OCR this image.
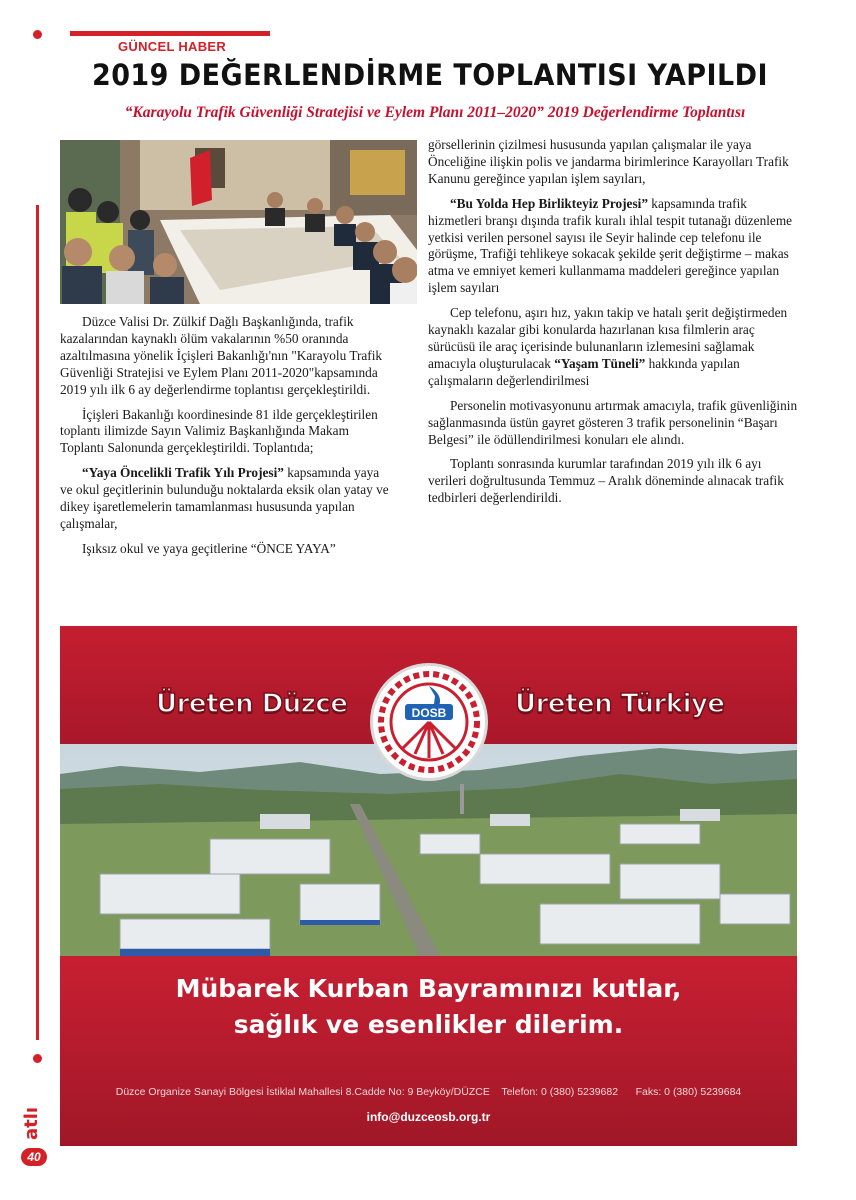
GÜNCEL HABER
2019 DEĞERLENDİRME TOPLANTISI YAPILDI
“Karayolu Trafik Güvenliği Stratejisi ve Eylem Planı 2011–2020” 2019 Değerlendirme Toplantısı

Düzce Valisi Dr. Zülkif Dağlı Başkanlığında, trafik kazalarından kaynaklı ölüm vakalarının %50 oranında azaltılmasına yönelik İçişleri Bakanlığı'nın "Karayolu Trafik Güvenliği Stratejisi ve Eylem Planı 2011-2020"kapsamında 2019 yılı ilk 6 ay değerlendirme toplantısı gerçekleştirildi.

İçişleri Bakanlığı koordinesinde 81 ilde gerçekleştirilen toplantı ilimizde Sayın Valimiz Başkanlığında Makam Toplantı Salonunda gerçekleştirildi. Toplantıda;

“Yaya Öncelikli Trafik Yılı Projesi” kapsamında yaya ve okul geçitlerinin bulunduğu noktalarda eksik olan yatay ve dikey işaretlemelerin tamamlanması hususunda yapılan çalışmalar,

Işıksız okul ve yaya geçitlerine “ÖNCE YAYA”

görsellerinin çizilmesi hususunda yapılan çalışmalar ile yaya Önceliğine ilişkin polis ve jandarma birimlerince Karayolları Trafik Kanunu gereğince yapılan işlem sayıları,

“Bu Yolda Hep Birlikteyiz Projesi” kapsamında trafik hizmetleri branşı dışında trafik kuralı ihlal tespit tutanağı düzenleme yetkisi verilen personel sayısı ile Seyir halinde cep telefonu ile görüşme, Trafiği tehlikeye sokacak şekilde şerit değiştirme – makas atma ve emniyet kemeri kullanmama maddeleri gereğince yapılan işlem sayıları

Cep telefonu, aşırı hız, yakın takip ve hatalı şerit değiştirmeden kaynaklı kazalar gibi konularda hazırlanan kısa filmlerin araç sürücüsü ile araç içerisinde bulunanların izlemesini sağlamak amacıyla oluşturulacak “Yaşam Tüneli” hakkında yapılan çalışmaların değerlendirilmesi

Personelin motivasyonunu artırmak amacıyla, trafik güvenliğinin sağlanmasında üstün gayret gösteren 3 trafik personelinin “Başarı Belgesi” ile ödüllendirilmesi konuları ele alındı.

Toplantı sonrasında kurumlar tarafından 2019 yılı ilk 6 ayı verileri doğrultusunda Temmuz – Aralık döneminde alınacak trafik tedbirleri değerlendirildi.

Üreten Düzce	Üreten Türkiye
DOSB
Mübarek Kurban Bayramınızı kutlar,
sağlık ve esenlikler dilerim.
Düzce Organize Sanayi Bölgesi İstiklal Mahallesi 8.Cadde No: 9 Beyköy/DÜZCE Telefon: 0 (380) 5239682 Faks: 0 (380) 5239684
info@duzceosb.org.tr
atlı
40
